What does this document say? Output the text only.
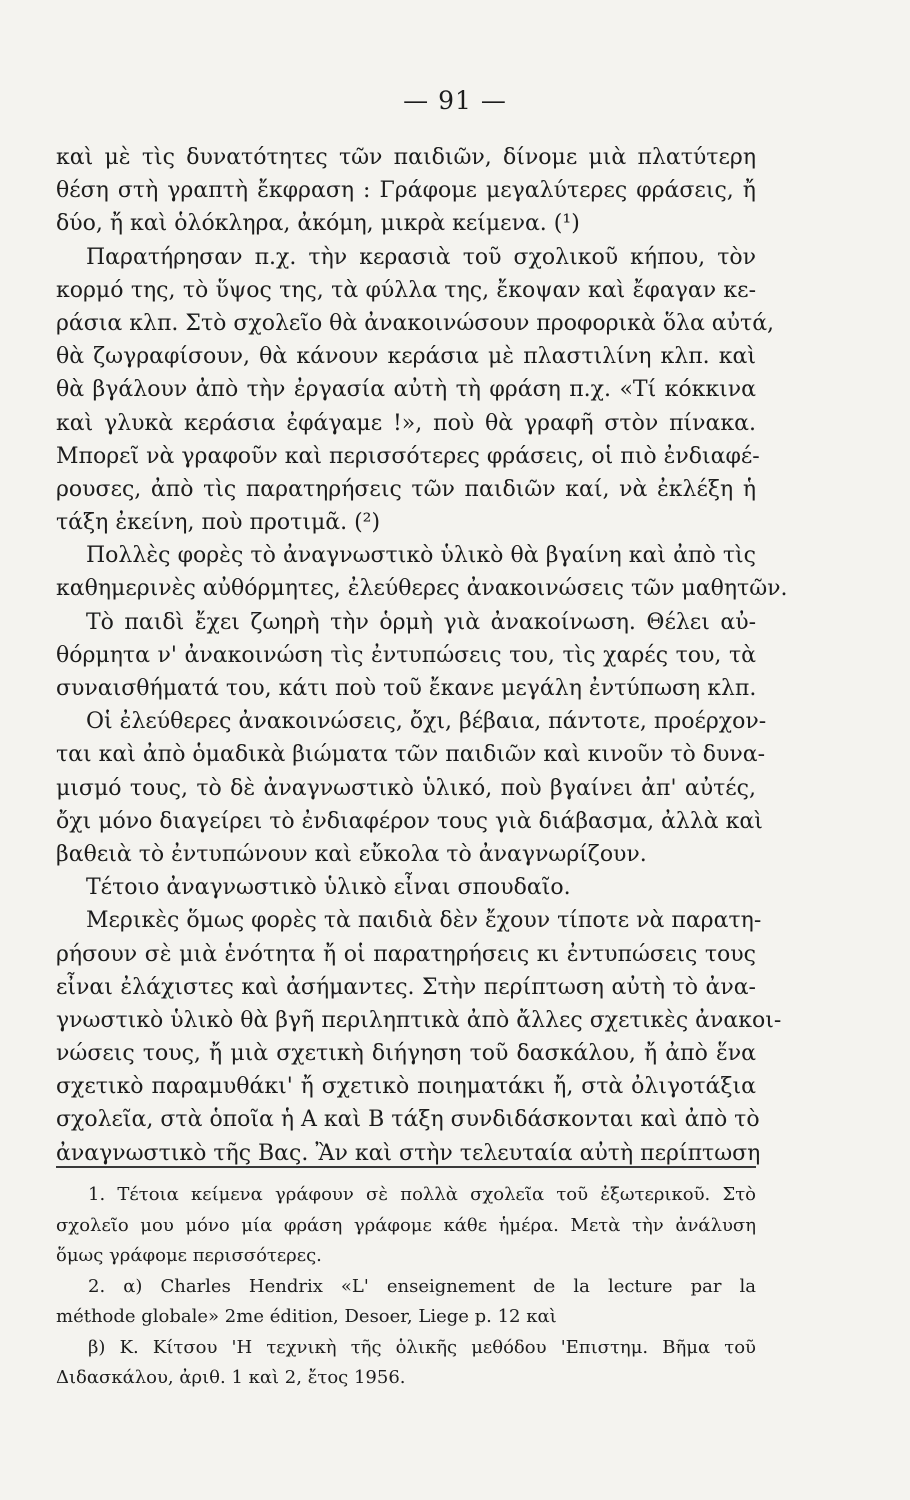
— 91 —
καὶ μὲ τὶς δυνατότητες τῶν παιδιῶν, δίνομε μιὰ πλατύτερη
θέση στὴ γραπτὴ ἔκφραση : Γράφομε μεγαλύτερες φράσεις, ἤ
δύο, ἤ καὶ ὁλόκληρα, ἀκόμη, μικρὰ κείμενα. (¹)
Παρατήρησαν π.χ. τὴν κερασιὰ τοῦ σχολικοῦ κήπου, τὸν
κορμό της, τὸ ὕψος της, τὰ φύλλα της, ἔκοψαν καὶ ἔφαγαν κε-
ράσια κλπ. Στὸ σχολεῖο θὰ ἀνακοινώσουν προφορικὰ ὅλα αὐτά,
θὰ ζωγραφίσουν, θὰ κάνουν κεράσια μὲ πλαστιλίνη κλπ. καὶ
θὰ βγάλουν ἀπὸ τὴν ἐργασία αὐτὴ τὴ φράση π.χ. «Τί κόκκινα
καὶ γλυκὰ κεράσια ἐφάγαμε !», ποὺ θὰ γραφῆ στὸν πίνακα.
Μπορεῖ νὰ γραφοῦν καὶ περισσότερες φράσεις, οἱ πιὸ ἐνδιαφέ-
ρουσες, ἀπὸ τὶς παρατηρήσεις τῶν παιδιῶν καί, νὰ ἐκλέξη ἡ
τάξη ἐκείνη, ποὺ προτιμᾶ. (²)
Πολλὲς φορὲς τὸ ἀναγνωστικὸ ὑλικὸ θὰ βγαίνη καὶ ἀπὸ τὶς
καθημερινὲς αὐθόρμητες, ἐλεύθερες ἀνακοινώσεις τῶν μαθητῶν.
Τὸ παιδὶ ἔχει ζωηρὴ τὴν ὁρμὴ γιὰ ἀνακοίνωση. Θέλει αὐ-
θόρμητα ν' ἀνακοινώση τὶς ἐντυπώσεις του, τὶς χαρές του, τὰ
συναισθήματά του, κάτι ποὺ τοῦ ἔκανε μεγάλη ἐντύπωση κλπ.
Οἱ ἐλεύθερες ἀνακοινώσεις, ὄχι, βέβαια, πάντοτε, προέρχον-
ται καὶ ἀπὸ ὁμαδικὰ βιώματα τῶν παιδιῶν καὶ κινοῦν τὸ δυνα-
μισμό τους, τὸ δὲ ἀναγνωστικὸ ὑλικό, ποὺ βγαίνει ἀπ' αὐτές,
ὄχι μόνο διαγείρει τὸ ἐνδιαφέρον τους γιὰ διάβασμα, ἀλλὰ καὶ
βαθειὰ τὸ ἐντυπώνουν καὶ εὔκολα τὸ ἀναγνωρίζουν.
Τέτοιο ἀναγνωστικὸ ὑλικὸ εἶναι σπουδαῖο.
Μερικὲς ὅμως φορὲς τὰ παιδιὰ δὲν ἔχουν τίποτε νὰ παρατη-
ρήσουν σὲ μιὰ ἑνότητα ἤ οἱ παρατηρήσεις κι ἐντυπώσεις τους
εἶναι ἐλάχιστες καὶ ἀσήμαντες. Στὴν περίπτωση αὐτὴ τὸ ἀνα-
γνωστικὸ ὑλικὸ θὰ βγῆ περιληπτικὰ ἀπὸ ἄλλες σχετικὲς ἀνακοι-
νώσεις τους, ἤ μιὰ σχετικὴ διήγηση τοῦ δασκάλου, ἤ ἀπὸ ἕνα
σχετικὸ παραμυθάκι' ἤ σχετικὸ ποιηματάκι ἤ, στὰ ὀλιγοτάξια
σχολεῖα, στὰ ὁποῖα ἡ Α καὶ Β τάξη συνδιδάσκονται καὶ ἀπὸ τὸ
ἀναγνωστικὸ τῆς Βας. Ἂν καὶ στὴν τελευταία αὐτὴ περίπτωση
1. Τέτοια κείμενα γράφουν σὲ πολλὰ σχολεῖα τοῦ ἐξωτερικοῦ. Στὸ
σχολεῖο μου μόνο μία φράση γράφομε κάθε ἡμέρα. Μετὰ τὴν ἀνάλυση
ὅμως γράφομε περισσότερες.
2. α) Charles Hendrix «L' enseignement de la lecture par la
méthode globale» 2me édition, Desoer, Liege p. 12 καὶ
β) Κ. Κίτσου 'Η τεχνικὴ τῆς ὁλικῆς μεθόδου 'Επιστημ. Βῆμα τοῦ
Διδασκάλου, ἀριθ. 1 καὶ 2, ἔτος 1956.
